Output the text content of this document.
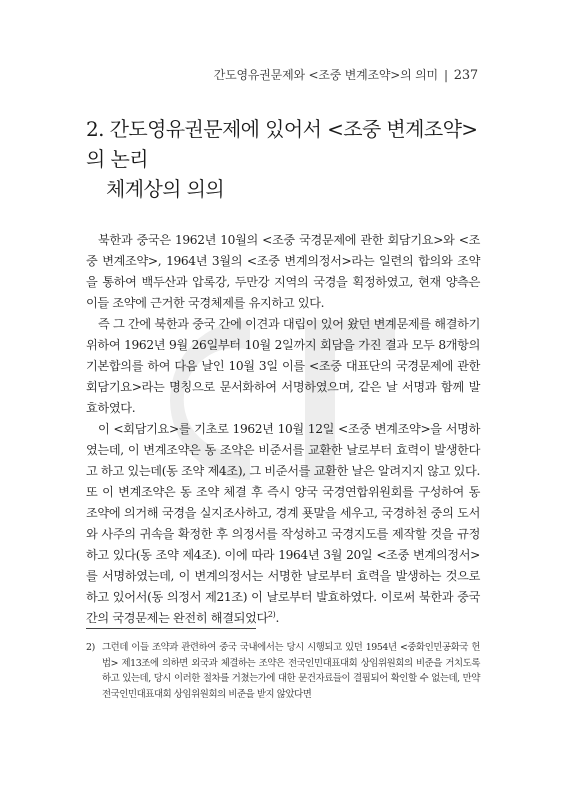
간도영유권문제와 <조중 변계조약>의 의미 | 237
2. 간도영유권문제에 있어서 <조중 변계조약>의 논리
체계상의 의의

북한과 중국은 1962년 10월의 <조중 국경문제에 관한 회담기요>와 <조중 변계조약>, 1964년 3월의 <조중 변계의정서>라는 일련의 합의와 조약을 통하여 백두산과 압록강, 두만강 지역의 국경을 획정하였고, 현재 양측은 이들 조약에 근거한 국경체제를 유지하고 있다.

즉 그 간에 북한과 중국 간에 이견과 대립이 있어 왔던 변계문제를 해결하기 위하여 1962년 9월 26일부터 10월 2일까지 회담을 가진 결과 모두 8개항의 기본합의를 하여 다음 날인 10월 3일 이를 <조중 대표단의 국경문제에 관한 회담기요>라는 명칭으로 문서화하여 서명하였으며, 같은 날 서명과 함께 발효하였다.

이 <회담기요>를 기초로 1962년 10월 12일 <조중 변계조약>을 서명하였는데, 이 변계조약은 동 조약은 비준서를 교환한 날로부터 효력이 발생한다고 하고 있는데(동 조약 제4조), 그 비준서를 교환한 날은 알려지지 않고 있다. 또 이 변계조약은 동 조약 체결 후 즉시 양국 국경연합위원회를 구성하여 동 조약에 의거해 국경을 실지조사하고, 경계 푯말을 세우고, 국경하천 중의 도서와 사주의 귀속을 확정한 후 의정서를 작성하고 국경지도를 제작할 것을 규정하고 있다(동 조약 제4조). 이에 따라 1964년 3월 20일 <조중 변계의정서>를 서명하였는데, 이 변계의정서는 서명한 날로부터 효력을 발생하는 것으로 하고 있어서(동 의정서 제21조) 이 날로부터 발효하였다. 이로써 북한과 중국 간의 국경문제는 완전히 해결되었다$^{2)}$.

2) 그런데 이들 조약과 관련하여 중국 국내에서는 당시 시행되고 있던 1954년 <중화인민공화국 헌법> 제13조에 의하면 외국과 체결하는 조약은 전국인민대표대회 상임위원회의 비준을 거치도록 하고 있는데, 당시 이러한 절차를 거쳤는가에 대한 문건자료들이 결핍되어 확인할 수 없는데, 만약 전국인민대표대회 상임위원회의 비준을 받지 않았다면
